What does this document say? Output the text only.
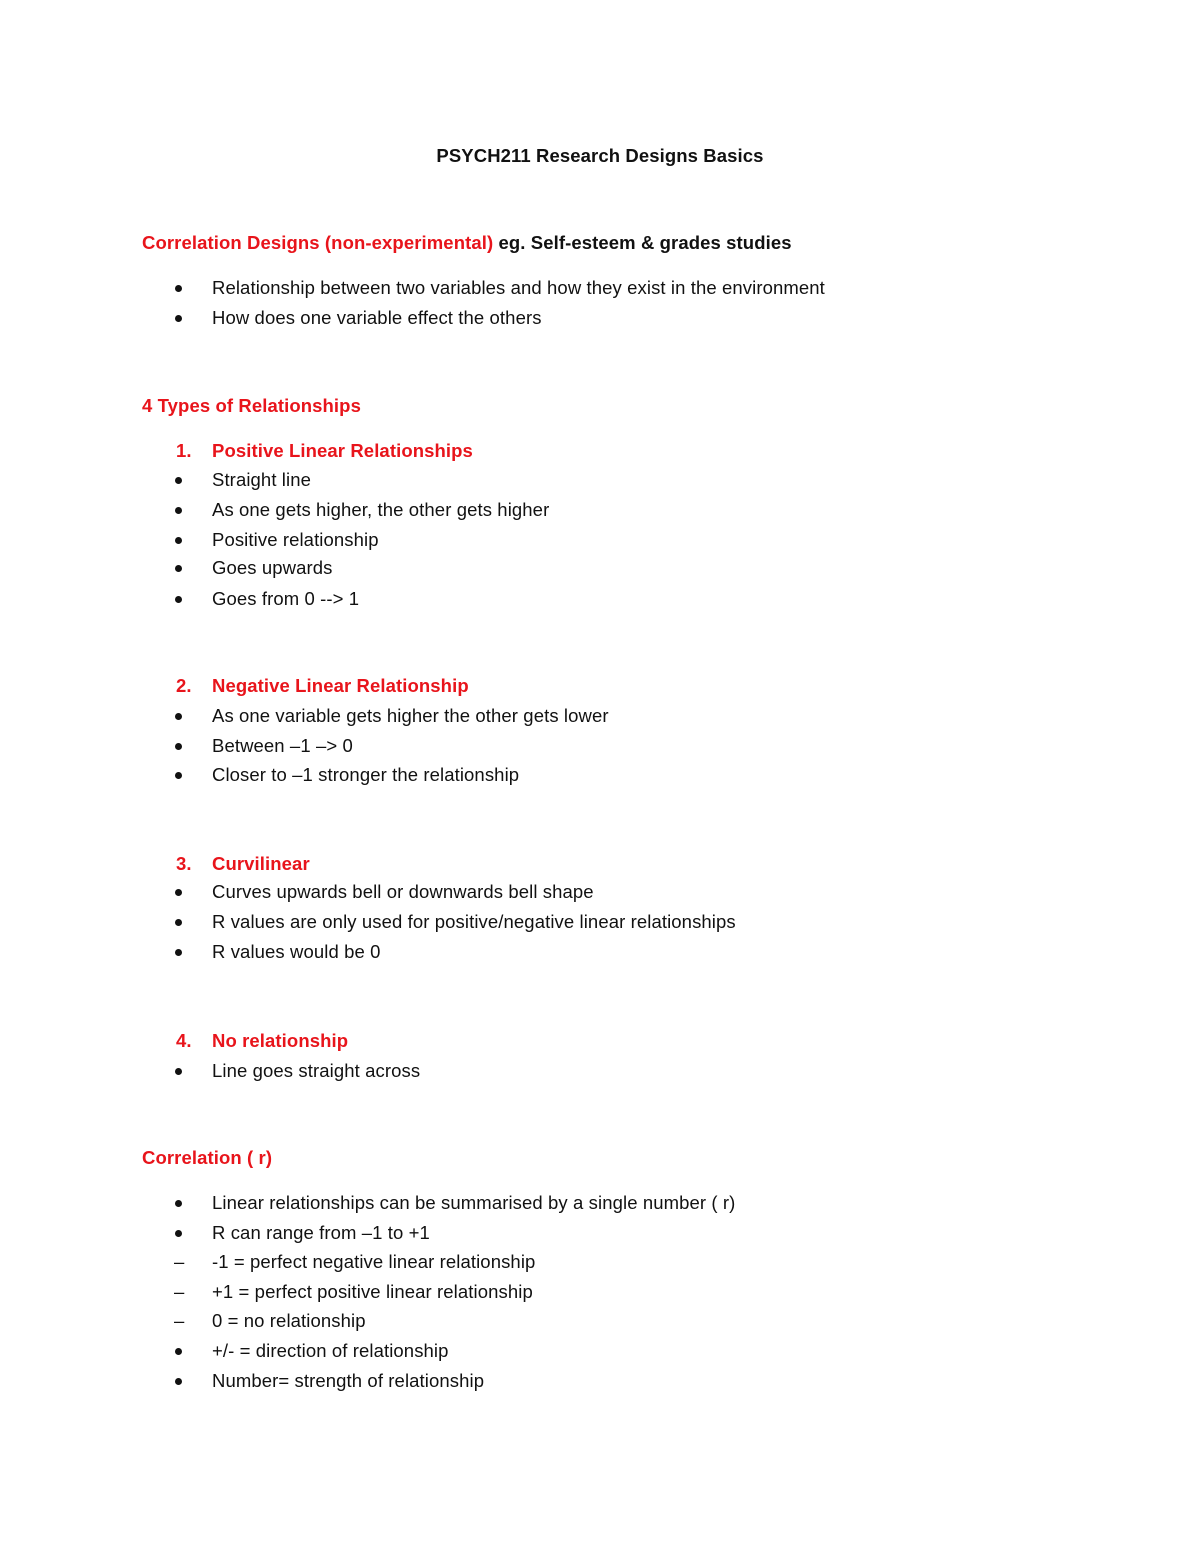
PSYCH211 Research Designs Basics
Correlation Designs (non-experimental) eg. Self-esteem & grades studies
Relationship between two variables and how they exist in the environment
How does one variable effect the others
4 Types of Relationships
1. Positive Linear Relationships
Straight line
As one gets higher, the other gets higher
Positive relationship
Goes upwards
Goes from 0 --> 1
2. Negative Linear Relationship
As one variable gets higher the other gets lower
Between –1 –> 0
Closer to –1 stronger the relationship
3. Curvilinear
Curves upwards bell or downwards bell shape
R values are only used for positive/negative linear relationships
R values would be 0
4. No relationship
Line goes straight across
Correlation ( r)
Linear relationships can be summarised by a single number ( r)
R can range from –1 to +1
– -1 = perfect negative linear relationship
– +1 = perfect positive linear relationship
– 0 = no relationship
+/- = direction of relationship
Number= strength of relationship
